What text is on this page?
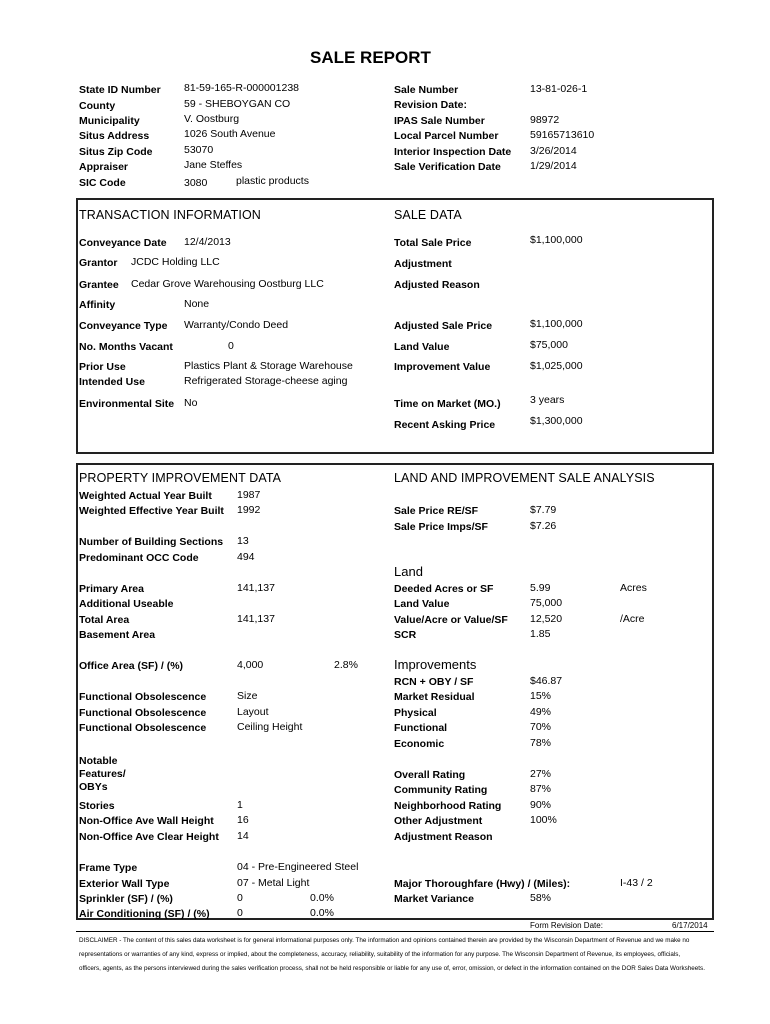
SALE REPORT
State ID Number 81-59-165-R-000001238
County	59 - SHEBOYGAN CO
Municipality	V. Oostburg
Situs Address	1026 South Avenue
Situs Zip Code	53070
Appraiser	Jane Steffes
SIC Code	3080	plastic products
Sale Number	13-81-026-1
Revision Date:
IPAS Sale Number	98972
Local Parcel Number	59165713610
Interior Inspection Date 3/26/2014
Sale Verification Date	1/29/2014
TRANSACTION INFORMATION	SALE DATA
Conveyance Date 12/4/2013
Grantor JCDC Holding LLC
Grantee Cedar Grove Warehousing Oostburg LLC
Affinity	None
Conveyance Type Warranty/Condo Deed
No. Months Vacant	0
Prior Use	Plastics Plant & Storage Warehouse
Intended Use	Refrigerated Storage-cheese aging
Environmental Site No
Total Sale Price	$1,100,000
Adjustment
Adjusted Reason
Adjusted Sale Price	$1,100,000
Land Value	$75,000
Improvement Value	$1,025,000
Time on Market (MO.)	3 years
Recent Asking Price	$1,300,000
PROPERTY IMPROVEMENT DATA	LAND AND IMPROVEMENT SALE ANALYSIS
Weighted Actual Year Built 1987
Weighted Effective Year Built 1992
Number of Building Sections 13
Predominant OCC Code	494
Primary Area	141,137
Additional Useable
Total Area	141,137
Basement Area
Office Area (SF) / (%)	4,000	2.8%
Functional Obsolescence	Size
Functional Obsolescence	Layout
Functional Obsolescence	Ceiling Height
Notable
Features/
OBYs
Stories	1
Non-Office Ave Wall Height 16
Non-Office Ave Clear Height 14
Frame Type	04 - Pre-Engineered Steel
Exterior Wall Type	07 - Metal Light
Sprinkler (SF) / (%)	0	0.0%
Air Conditioning (SF) / (%)	0	0.0%
Sale Price RE/SF	$7.79
Sale Price Imps/SF	$7.26
Land
Deeded Acres or SF	5.99	Acres
Land Value	75,000
Value/Acre or Value/SF 12,520	/Acre
SCR	1.85
Improvements
RCN + OBY / SF	$46.87
Market Residual	15%
Physical	49%
Functional	70%
Economic	78%
Overall Rating	27%
Community Rating	87%
Neighborhood Rating	90%
Other Adjustment	100%
Adjustment Reason
Major Thoroughfare (Hwy) / (Miles):	I-43 / 2
Market Variance	58%
Form Revision Date:	6/17/2014
DISCLAIMER - The content of this sales data worksheet is for general informational purposes only. The information and opinions contained therein are provided by the Wisconsin Department of Revenue and we make no
representations or warranties of any kind, express or implied, about the completeness, accuracy, reliability, suitability of the information for any purpose. The Wisconsin Department of Revenue, its employees, officials,
officers, agents, as the persons interviewed during the sales verification process, shall not be held responsible or liable for any use of, error, omission, or defect in the information contained on the DOR Sales Data Worksheets.
